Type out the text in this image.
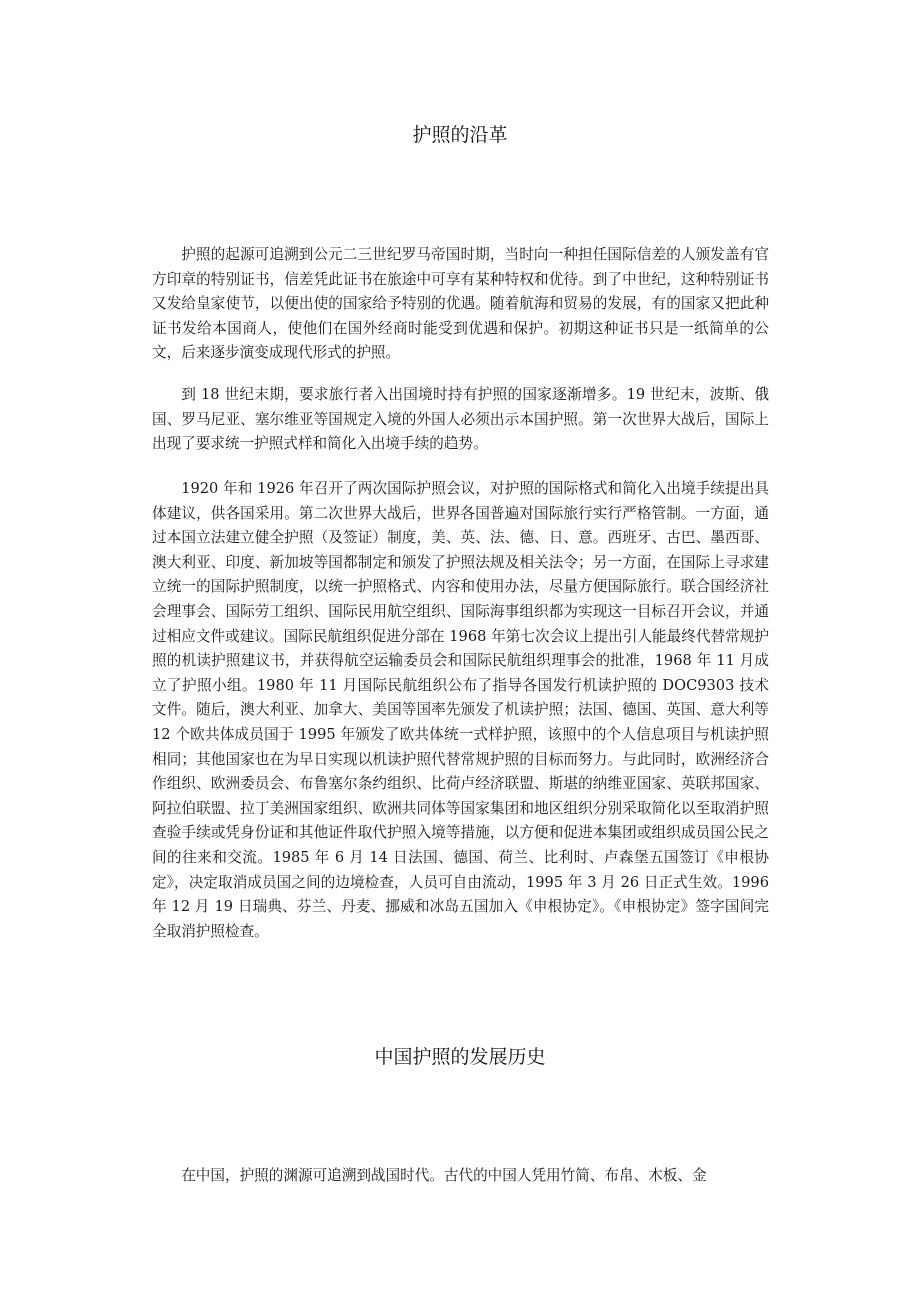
护照的沿革

护照的起源可追溯到公元二三世纪罗马帝国时期，当时向一种担任国际信差的人颁发盖有官方印章的特别证书，信差凭此证书在旅途中可享有某种特权和优待。到了中世纪，这种特别证书又发给皇家使节，以便出使的国家给予特别的优遇。随着航海和贸易的发展，有的国家又把此种证书发给本国商人，使他们在国外经商时能受到优遇和保护。初期这种证书只是一纸简单的公文，后来逐步演变成现代形式的护照。

到 18 世纪末期，要求旅行者入出国境时持有护照的国家逐渐增多。19 世纪末，波斯、俄国、罗马尼亚、塞尔维亚等国规定入境的外国人必须出示本国护照。第一次世界大战后，国际上出现了要求统一护照式样和简化入出境手续的趋势。

1920 年和 1926 年召开了两次国际护照会议，对护照的国际格式和简化入出境手续提出具体建议，供各国采用。第二次世界大战后，世界各国普遍对国际旅行实行严格管制。一方面，通过本国立法建立健全护照（及签证）制度，美、英、法、德、日、意。西班牙、古巴、墨西哥、澳大利亚、印度、新加坡等国都制定和颁发了护照法规及相关法令；另一方面，在国际上寻求建立统一的国际护照制度，以统一护照格式、内容和使用办法，尽量方便国际旅行。联合国经济社会理事会、国际劳工组织、国际民用航空组织、国际海事组织都为实现这一目标召开会议，并通过相应文件或建议。国际民航组织促进分部在 1968 年第七次会议上提出引人能最终代替常规护照的机读护照建议书，并获得航空运输委员会和国际民航组织理事会的批准，1968 年 11 月成立了护照小组。1980 年 11 月国际民航组织公布了指导各国发行机读护照的 DOC9303 技术文件。随后，澳大利亚、加拿大、美国等国率先颁发了机读护照；法国、德国、英国、意大利等 12 个欧共体成员国于 1995 年颁发了欧共体统一式样护照，该照中的个人信息项目与机读护照相同；其他国家也在为早日实现以机读护照代替常规护照的目标而努力。与此同时，欧洲经济合作组织、欧洲委员会、布鲁塞尔条约组织、比荷卢经济联盟、斯堪的纳维亚国家、英联邦国家、阿拉伯联盟、拉丁美洲国家组织、欧洲共同体等国家集团和地区组织分别采取简化以至取消护照查验手续或凭身份证和其他证件取代护照入境等措施，以方便和促进本集团或组织成员国公民之间的往来和交流。1985 年 6 月 14 日法国、德国、荷兰、比利时、卢森堡五国签订《申根协定》，决定取消成员国之间的边境检查，人员可自由流动，1995 年 3 月 26 日正式生效。1996 年 12 月 19 日瑞典、芬兰、丹麦、挪威和冰岛五国加入《申根协定》。《申根协定》签字国间完全取消护照检查。

中国护照的发展历史

在中国，护照的渊源可追溯到战国时代。古代的中国人凭用竹简、布帛、木板、金
